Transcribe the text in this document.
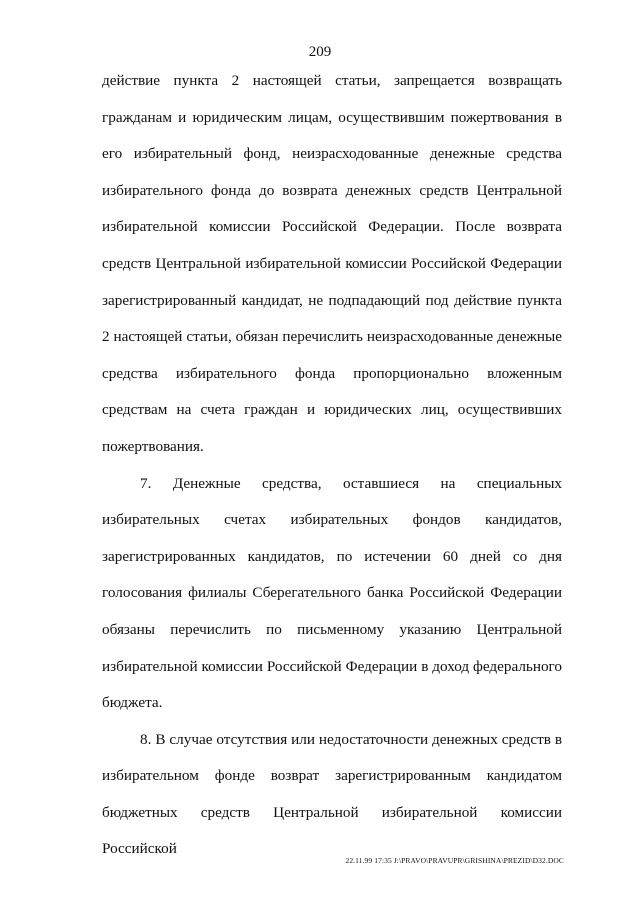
209

действие пункта 2 настоящей статьи, запрещается возвращать гражданам и юридическим лицам, осуществившим пожертвования в его избирательный фонд, неизрасходованные денежные средства избирательного фонда до возврата денежных средств Центральной избирательной комиссии Российской Федерации. После возврата средств Центральной избирательной комиссии Российской Федерации зарегистрированный кандидат, не подпадающий под действие пункта 2 настоящей статьи, обязан перечислить неизрасходованные денежные средства избирательного фонда пропорционально вложенным средствам на счета граждан и юридических лиц, осуществивших пожертвования.

7. Денежные средства, оставшиеся на специальных избирательных счетах избирательных фондов кандидатов, зарегистрированных кандидатов, по истечении 60 дней со дня голосования филиалы Сберегательного банка Российской Федерации обязаны перечислить по письменному указанию Центральной избирательной комиссии Российской Федерации в доход федерального бюджета.

8. В случае отсутствия или недостаточности денежных средств в избирательном фонде возврат зарегистрированным кандидатом бюджетных средств Центральной избирательной комиссии Российской

22.11.99 17:35 J:\PRAVO\PRAVUPR\GRISHINA\PREZID\D32.DOC
